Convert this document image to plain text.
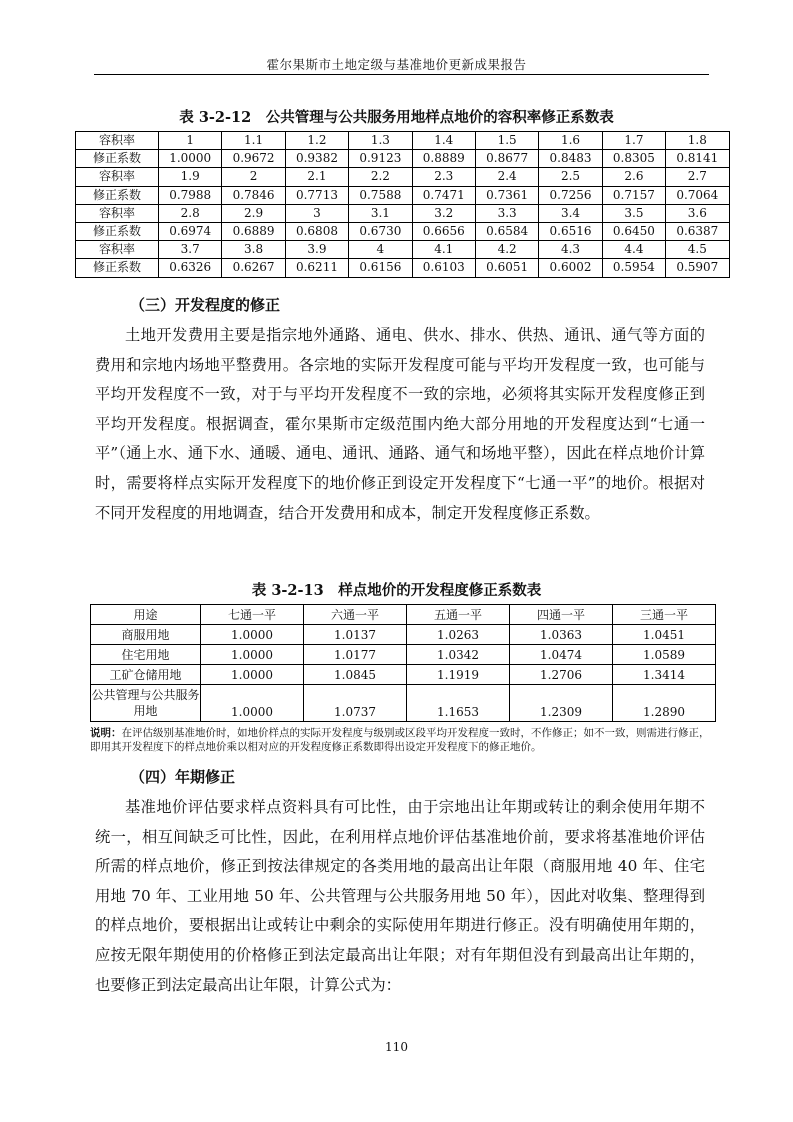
霍尔果斯市土地定级与基准地价更新成果报告
表 3-2-12　公共管理与公共服务用地样点地价的容积率修正系数表
容积率	1	1.1	1.2	1.3	1.4	1.5	1.6	1.7	1.8
修正系数	1.0000	0.9672	0.9382	0.9123	0.8889	0.8677	0.8483	0.8305	0.8141
容积率	1.9	2	2.1	2.2	2.3	2.4	2.5	2.6	2.7
修正系数	0.7988	0.7846	0.7713	0.7588	0.7471	0.7361	0.7256	0.7157	0.7064
容积率	2.8	2.9	3	3.1	3.2	3.3	3.4	3.5	3.6
修正系数	0.6974	0.6889	0.6808	0.6730	0.6656	0.6584	0.6516	0.6450	0.6387
容积率	3.7	3.8	3.9	4	4.1	4.2	4.3	4.4	4.5
修正系数	0.6326	0.6267	0.6211	0.6156	0.6103	0.6051	0.6002	0.5954	0.5907
（三）开发程度的修正
土地开发费用主要是指宗地外通路、通电、供水、排水、供热、通讯、通气等方面的费用和宗地内场地平整费用。各宗地的实际开发程度可能与平均开发程度一致，也可能与平均开发程度不一致，对于与平均开发程度不一致的宗地，必须将其实际开发程度修正到平均开发程度。根据调查，霍尔果斯市定级范围内绝大部分用地的开发程度达到“七通一平”（通上水、通下水、通暖、通电、通讯、通路、通气和场地平整），因此在样点地价计算时，需要将样点实际开发程度下的地价修正到设定开发程度下“七通一平”的地价。根据对不同开发程度的用地调查，结合开发费用和成本，制定开发程度修正系数。
表 3-2-13　样点地价的开发程度修正系数表
用途	七通一平	六通一平	五通一平	四通一平	三通一平
商服用地	1.0000	1.0137	1.0263	1.0363	1.0451
住宅用地	1.0000	1.0177	1.0342	1.0474	1.0589
工矿仓储用地	1.0000	1.0845	1.1919	1.2706	1.3414
公共管理与公共服务用地	1.0000	1.0737	1.1653	1.2309	1.2890
说明：在评估级别基准地价时，如地价样点的实际开发程度与级别或区段平均开发程度一致时，不作修正；如不一致，则需进行修正，即用其开发程度下的样点地价乘以相对应的开发程度修正系数即得出设定开发程度下的修正地价。
（四）年期修正
基准地价评估要求样点资料具有可比性，由于宗地出让年期或转让的剩余使用年期不统一，相互间缺乏可比性，因此，在利用样点地价评估基准地价前，要求将基准地价评估所需的样点地价，修正到按法律规定的各类用地的最高出让年限（商服用地 40 年、住宅用地 70 年、工业用地 50 年、公共管理与公共服务用地 50 年），因此对收集、整理得到的样点地价，要根据出让或转让中剩余的实际使用年期进行修正。没有明确使用年期的，应按无限年期使用的价格修正到法定最高出让年限；对有年期但没有到最高出让年期的，也要修正到法定最高出让年限，计算公式为：
110
